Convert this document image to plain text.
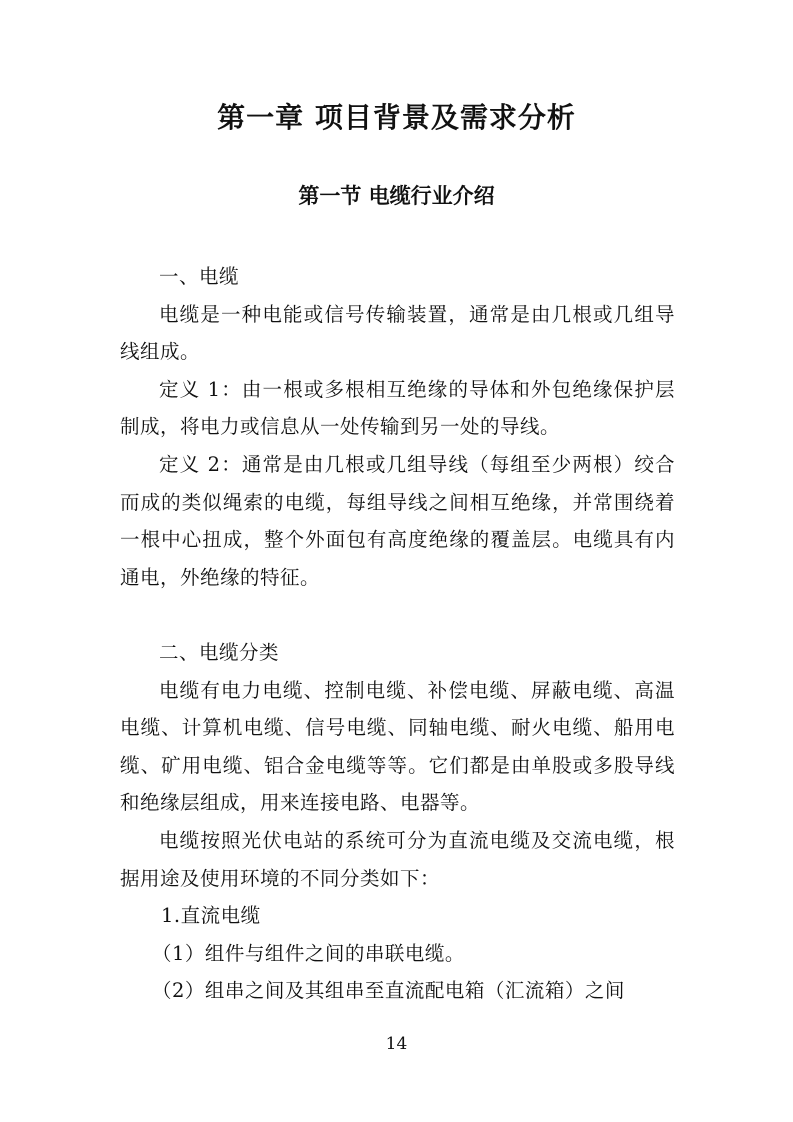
第一章 项目背景及需求分析
第一节 电缆行业介绍

一、电缆

电缆是一种电能或信号传输装置，通常是由几根或几组导线组成。

定义 1：由一根或多根相互绝缘的导体和外包绝缘保护层制成，将电力或信息从一处传输到另一处的导线。

定义 2：通常是由几根或几组导线（每组至少两根）绞合而成的类似绳索的电缆，每组导线之间相互绝缘，并常围绕着一根中心扭成，整个外面包有高度绝缘的覆盖层。电缆具有内通电，外绝缘的特征。

二、电缆分类

电缆有电力电缆、控制电缆、补偿电缆、屏蔽电缆、高温电缆、计算机电缆、信号电缆、同轴电缆、耐火电缆、船用电缆、矿用电缆、铝合金电缆等等。它们都是由单股或多股导线和绝缘层组成，用来连接电路、电器等。

电缆按照光伏电站的系统可分为直流电缆及交流电缆，根据用途及使用环境的不同分类如下：

1.直流电缆

（1）组件与组件之间的串联电缆。

（2）组串之间及其组串至直流配电箱（汇流箱）之间

14
